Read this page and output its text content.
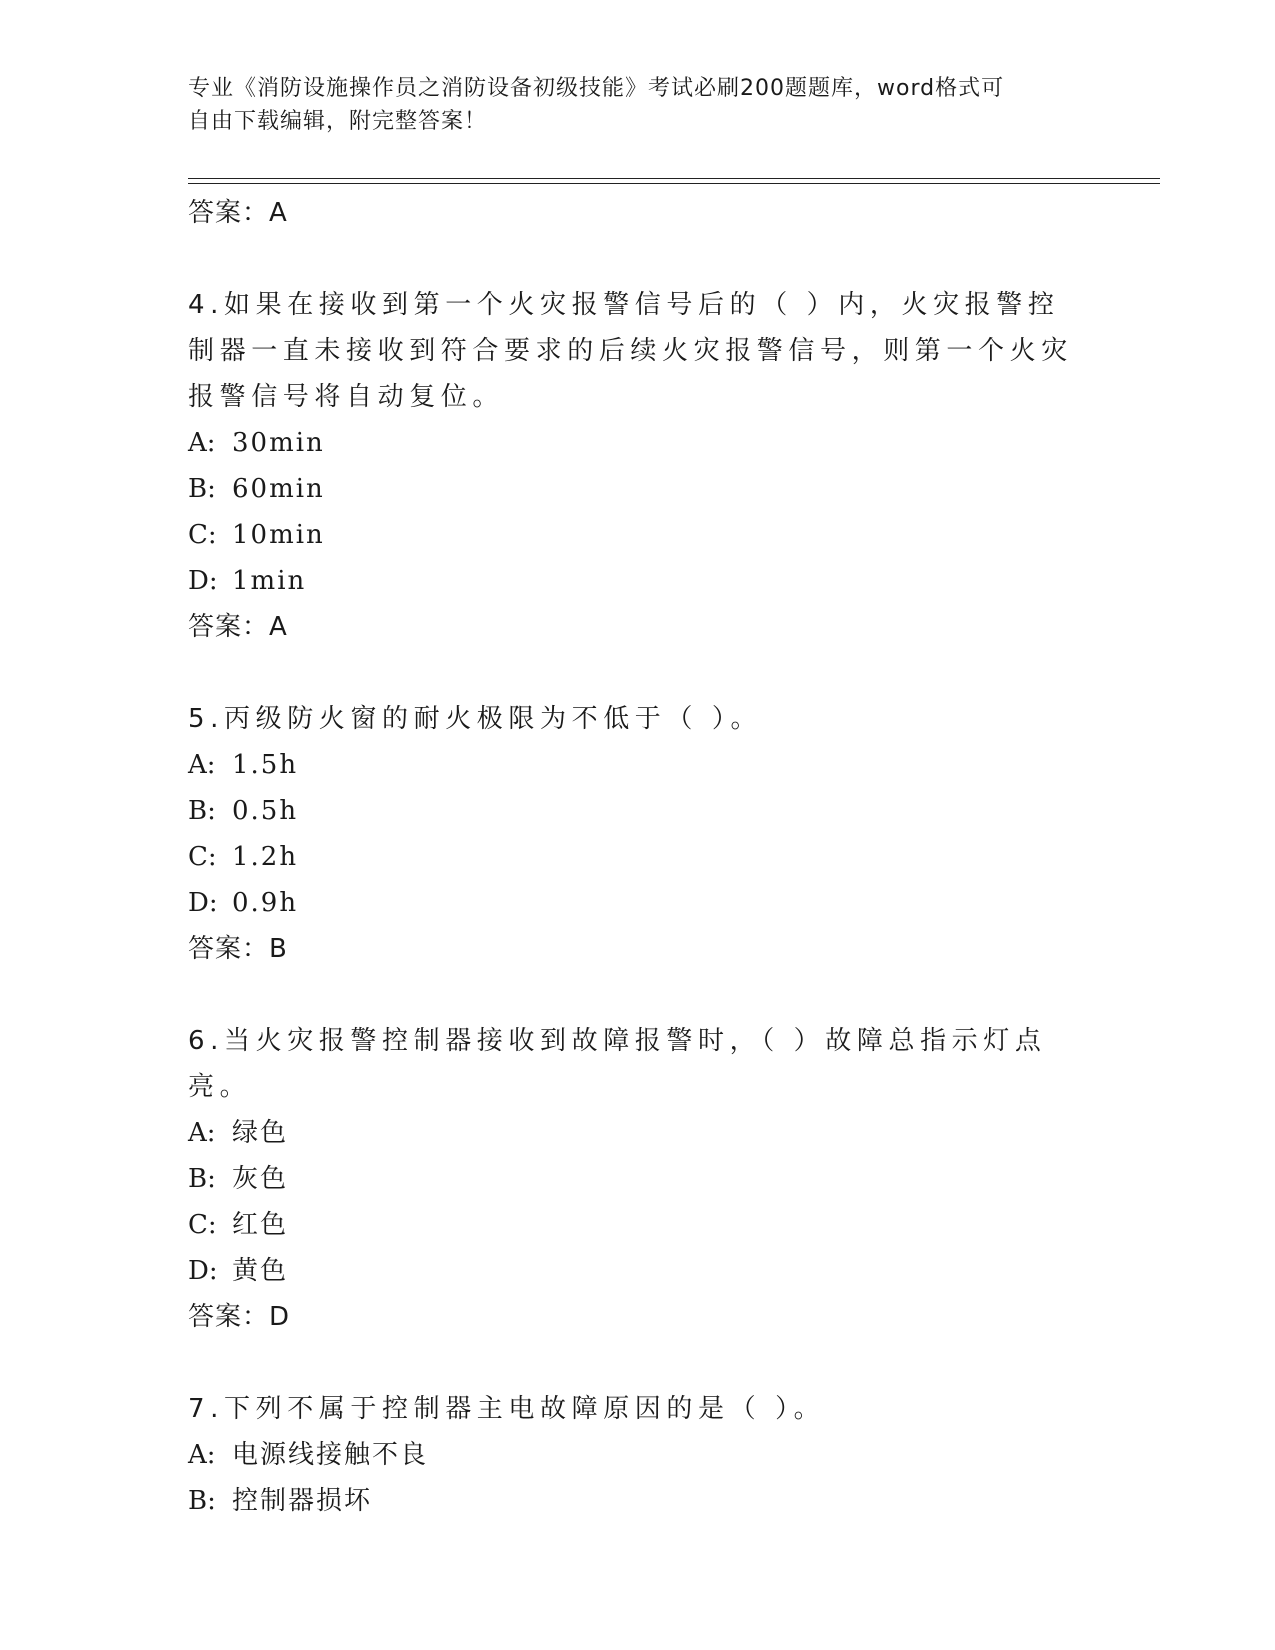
专业《消防设施操作员之消防设备初级技能》考试必刷200题题库，word格式可
自由下载编辑，附完整答案！
答案：A
4.如果在接收到第一个火灾报警信号后的（ ）内，火灾报警控制器一直未接收到符合要求的后续火灾报警信号，则第一个火灾报警信号将自动复位。
A: 30min
B: 60min
C: 10min
D: 1min
答案：A
5.丙级防火窗的耐火极限为不低于（ ）。
A: 1.5h
B: 0.5h
C: 1.2h
D: 0.9h
答案：B
6.当火灾报警控制器接收到故障报警时，（ ）故障总指示灯点亮。
A: 绿色
B: 灰色
C: 红色
D: 黄色
答案：D
7.下列不属于控制器主电故障原因的是（ ）。
A: 电源线接触不良
B: 控制器损坏
